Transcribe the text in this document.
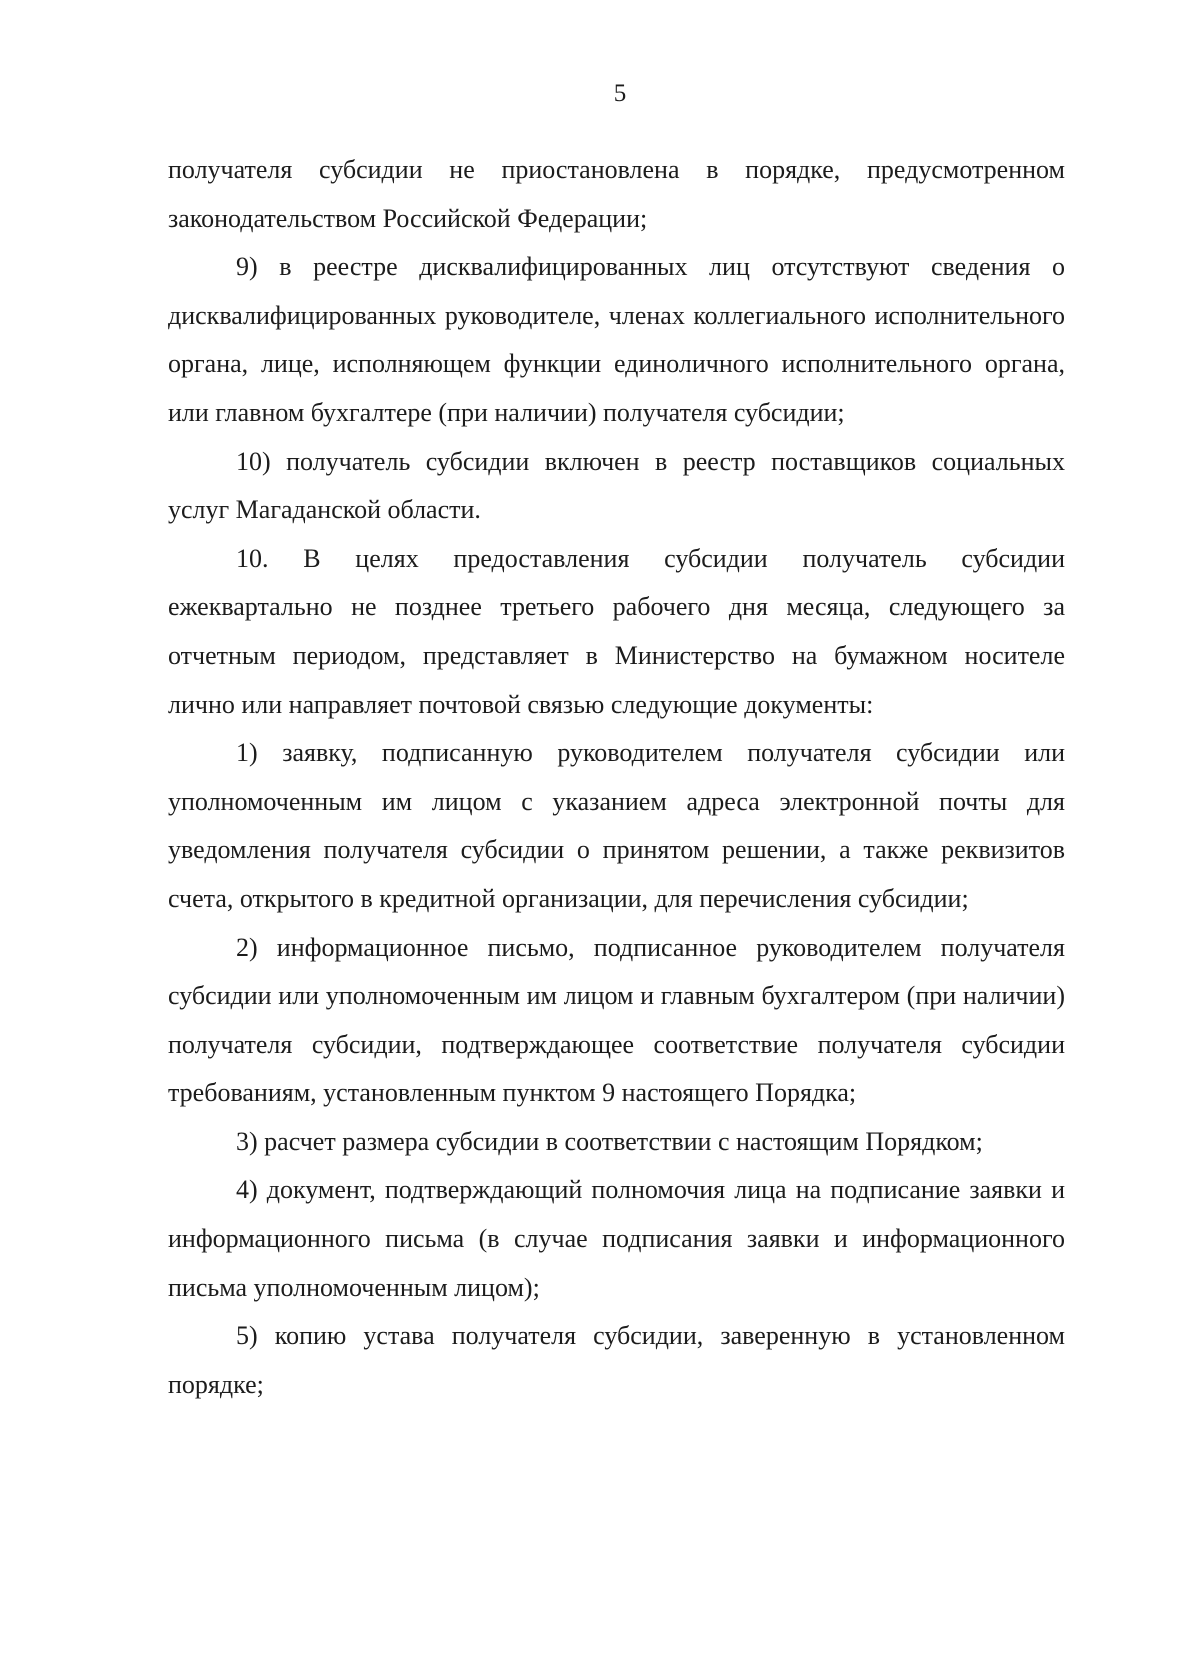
5

получателя субсидии не приостановлена в порядке, предусмотренном законодательством Российской Федерации;

9) в реестре дисквалифицированных лиц отсутствуют сведения о дисквалифицированных руководителе, членах коллегиального исполнительного органа, лице, исполняющем функции единоличного исполнительного органа, или главном бухгалтере (при наличии) получателя субсидии;

10) получатель субсидии включен в реестр поставщиков социальных услуг Магаданской области.

10. В целях предоставления субсидии получатель субсидии ежеквартально не позднее третьего рабочего дня месяца, следующего за отчетным периодом, представляет в Министерство на бумажном носителе лично или направляет почтовой связью следующие документы:

1) заявку, подписанную руководителем получателя субсидии или уполномоченным им лицом с указанием адреса электронной почты для уведомления получателя субсидии о принятом решении, а также реквизитов счета, открытого в кредитной организации, для перечисления субсидии;

2) информационное письмо, подписанное руководителем получателя субсидии или уполномоченным им лицом и главным бухгалтером (при наличии) получателя субсидии, подтверждающее соответствие получателя субсидии требованиям, установленным пунктом 9 настоящего Порядка;

3) расчет размера субсидии в соответствии с настоящим Порядком;

4) документ, подтверждающий полномочия лица на подписание заявки и информационного письма (в случае подписания заявки и информационного письма уполномоченным лицом);

5) копию устава получателя субсидии, заверенную в установленном порядке;
